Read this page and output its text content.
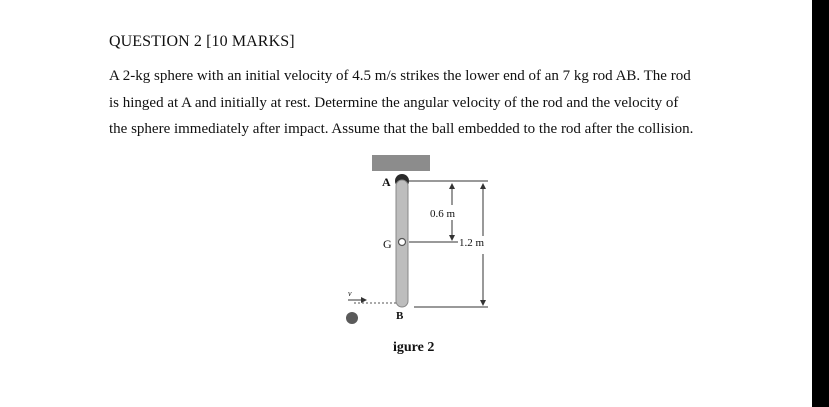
QUESTION 2 [10 MARKS]
A 2-kg sphere with an initial velocity of 4.5 m/s strikes the lower end of an 7 kg rod AB. The rod
is hinged at A and initially at rest. Determine the angular velocity of the rod and the velocity of
the sphere immediately after impact. Assume that the ball embedded to the rod after the collision.
A
G
B
v
0.6 m
1.2 m
igure 2
